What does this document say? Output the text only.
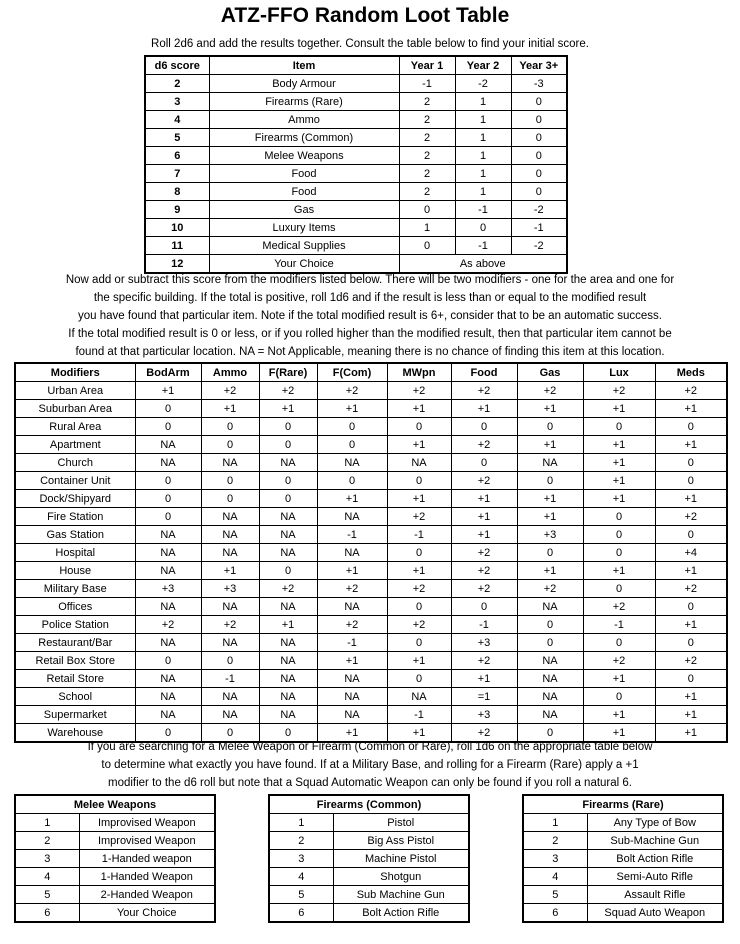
ATZ-FFO Random Loot Table

Roll 2d6 and add the results together. Consult the table below to find your initial score.

d6 score	Item	Year 1	Year 2	Year 3+
2	Body Armour	-1	-2	-3
3	Firearms (Rare)	2	1	0
4	Ammo	2	1	0
5	Firearms (Common)	2	1	0
6	Melee Weapons	2	1	0
7	Food	2	1	0
8	Food	2	1	0
9	Gas	0	-1	-2
10	Luxury Items	1	0	-1
11	Medical Supplies	0	-1	-2
12	Your Choice	As above		

Now add or subtract this score from the modifiers listed below. There will be two modifiers - one for the area and one for

the specific building. If the total is positive, roll 1d6 and if the result is less than or equal to the modified result

you have found that particular item. Note if the total modified result is 6+, consider that to be an automatic success.

If the total modified result is 0 or less, or if you rolled higher than the modified result, then that particular item cannot be

found at that particular location. NA = Not Applicable, meaning there is no chance of finding this item at this location.

Modifiers	BodArm	Ammo	F(Rare)	F(Com)	MWpn	Food	Gas	Lux	Meds
Urban Area	+1	+2	+2	+2	+2	+2	+2	+2	+2
Suburban Area	0	+1	+1	+1	+1	+1	+1	+1	+1
Rural Area	0	0	0	0	0	0	0	0	0
Apartment	NA	0	0	0	+1	+2	+1	+1	+1
Church	NA	NA	NA	NA	NA	0	NA	+1	0
Container Unit	0	0	0	0	0	+2	0	+1	0
Dock/Shipyard	0	0	0	+1	+1	+1	+1	+1	+1
Fire Station	0	NA	NA	NA	+2	+1	+1	0	+2
Gas Station	NA	NA	NA	-1	-1	+1	+3	0	0
Hospital	NA	NA	NA	NA	0	+2	0	0	+4
House	NA	+1	0	+1	+1	+2	+1	+1	+1
Military Base	+3	+3	+2	+2	+2	+2	+2	0	+2
Offices	NA	NA	NA	NA	0	0	NA	+2	0
Police Station	+2	+2	+1	+2	+2	-1	0	-1	+1
Restaurant/Bar	NA	NA	NA	-1	0	+3	0	0	0
Retail Box Store	0	0	NA	+1	+1	+2	NA	+2	+2
Retail Store	NA	-1	NA	NA	0	+1	NA	+1	0
School	NA	NA	NA	NA	NA	=1	NA	0	+1
Supermarket	NA	NA	NA	NA	-1	+3	NA	+1	+1
Warehouse	0	0	0	+1	+1	+2	0	+1	+1

If you are searching for a Melee Weapon or Firearm (Common or Rare), roll 1d6 on the appropriate table below

to determine what exactly you have found. If at a Military Base, and rolling for a Firearm (Rare) apply a +1

modifier to the d6 roll but note that a Squad Automatic Weapon can only be found if you roll a natural 6.

Melee Weapons	
1	Improvised Weapon
2	Improvised Weapon
3	1-Handed weapon
4	1-Handed Weapon
5	2-Handed Weapon
6	Your Choice
Firearms (Common)	
1	Pistol
2	Big Ass Pistol
3	Machine Pistol
4	Shotgun
5	Sub Machine Gun
6	Bolt Action Rifle
Firearms (Rare)	
1	Any Type of Bow
2	Sub-Machine Gun
3	Bolt Action Rifle
4	Semi-Auto Rifle
5	Assault Rifle
6	Squad Auto Weapon
